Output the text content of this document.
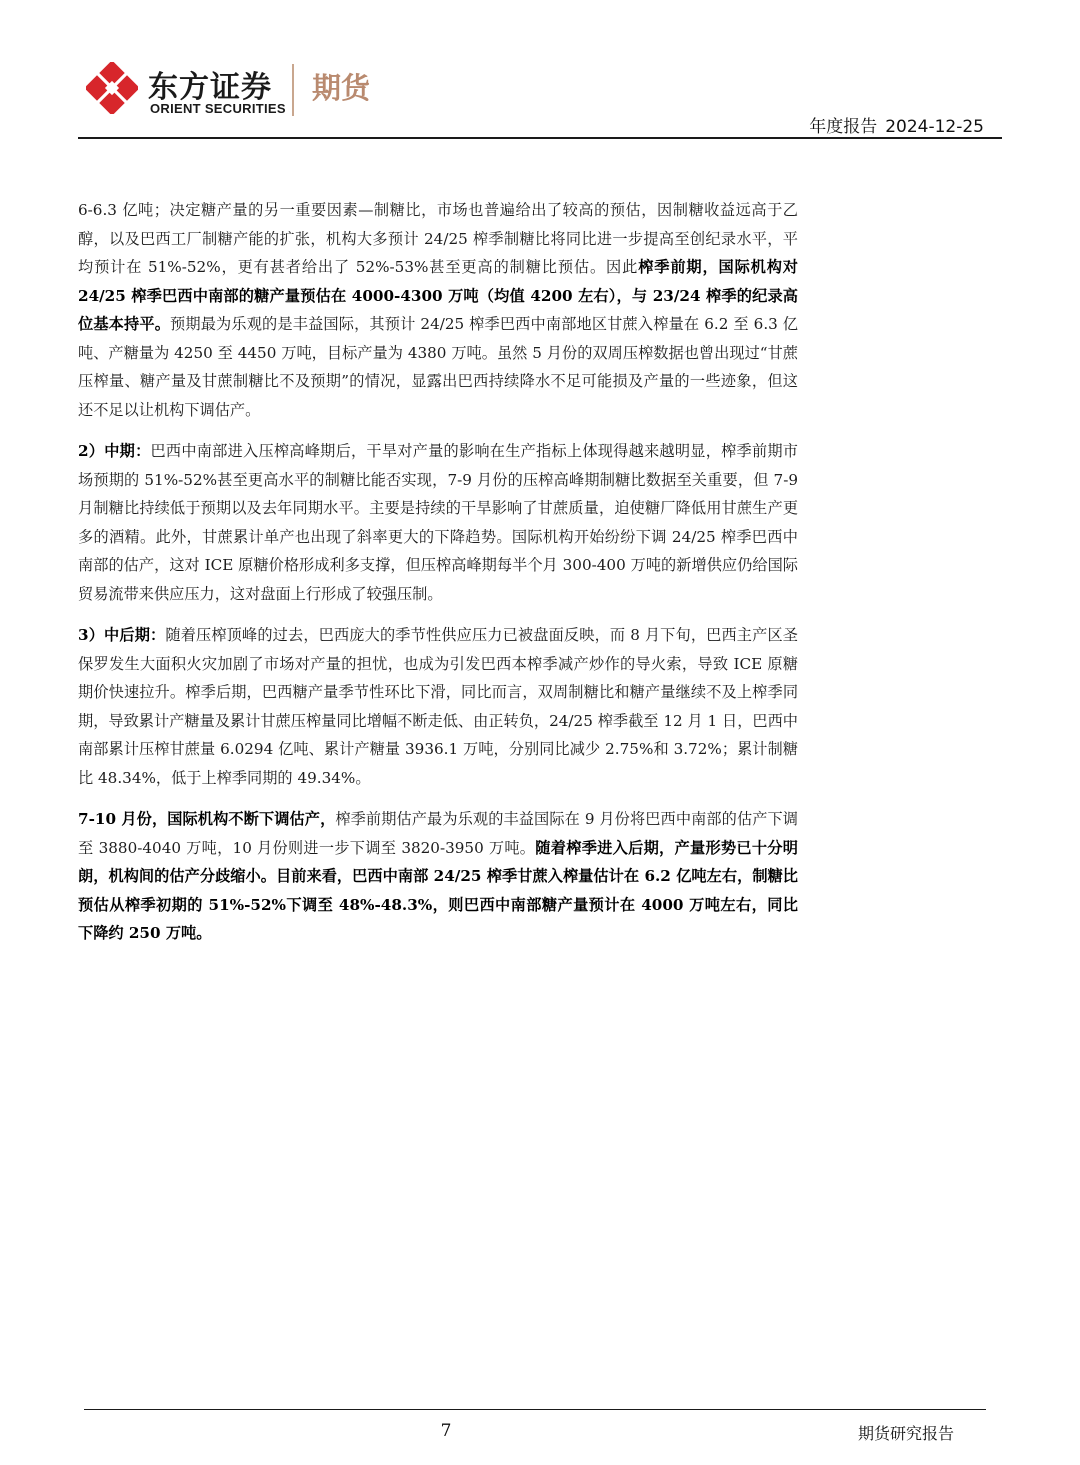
东方证券
ORIENT SECURITIES
期货
年度报告 2024-12-25

6-6.3 亿吨；决定糖产量的另一重要因素—制糖比，市场也普遍给出了较高的预估，因制糖收益远高于乙醇，以及巴西工厂制糖产能的扩张，机构大多预计 24/25 榨季制糖比将同比进一步提高至创纪录水平，平均预计在 51%-52%，更有甚者给出了 52%-53%甚至更高的制糖比预估。因此榨季前期，国际机构对 24/25 榨季巴西中南部的糖产量预估在 4000-4300 万吨（均值 4200 左右），与 23/24 榨季的纪录高位基本持平。预期最为乐观的是丰益国际，其预计 24/25 榨季巴西中南部地区甘蔗入榨量在 6.2 至 6.3 亿吨、产糖量为 4250 至 4450 万吨，目标产量为 4380 万吨。虽然 5 月份的双周压榨数据也曾出现过“甘蔗压榨量、糖产量及甘蔗制糖比不及预期”的情况，显露出巴西持续降水不足可能损及产量的一些迹象，但这还不足以让机构下调估产。

2）中期：巴西中南部进入压榨高峰期后，干旱对产量的影响在生产指标上体现得越来越明显，榨季前期市场预期的 51%-52%甚至更高水平的制糖比能否实现，7-9 月份的压榨高峰期制糖比数据至关重要，但 7-9 月制糖比持续低于预期以及去年同期水平。主要是持续的干旱影响了甘蔗质量，迫使糖厂降低用甘蔗生产更多的酒精。此外，甘蔗累计单产也出现了斜率更大的下降趋势。国际机构开始纷纷下调 24/25 榨季巴西中南部的估产，这对 ICE 原糖价格形成利多支撑，但压榨高峰期每半个月 300-400 万吨的新增供应仍给国际贸易流带来供应压力，这对盘面上行形成了较强压制。

3）中后期：随着压榨顶峰的过去，巴西庞大的季节性供应压力已被盘面反映，而 8 月下旬，巴西主产区圣保罗发生大面积火灾加剧了市场对产量的担忧，也成为引发巴西本榨季减产炒作的导火索，导致 ICE 原糖期价快速拉升。榨季后期，巴西糖产量季节性环比下滑，同比而言，双周制糖比和糖产量继续不及上榨季同期，导致累计产糖量及累计甘蔗压榨量同比增幅不断走低、由正转负，24/25 榨季截至 12 月 1 日，巴西中南部累计压榨甘蔗量 6.0294 亿吨、累计产糖量 3936.1 万吨，分别同比减少 2.75%和 3.72%；累计制糖比 48.34%，低于上榨季同期的 49.34%。

7-10 月份，国际机构不断下调估产，榨季前期估产最为乐观的丰益国际在 9 月份将巴西中南部的估产下调至 3880-4040 万吨，10 月份则进一步下调至 3820-3950 万吨。随着榨季进入后期，产量形势已十分明朗，机构间的估产分歧缩小。目前来看，巴西中南部 24/25 榨季甘蔗入榨量估计在 6.2 亿吨左右，制糖比预估从榨季初期的 51%-52%下调至 48%-48.3%，则巴西中南部糖产量预计在 4000 万吨左右，同比下降约 250 万吨。

7	期货研究报告
